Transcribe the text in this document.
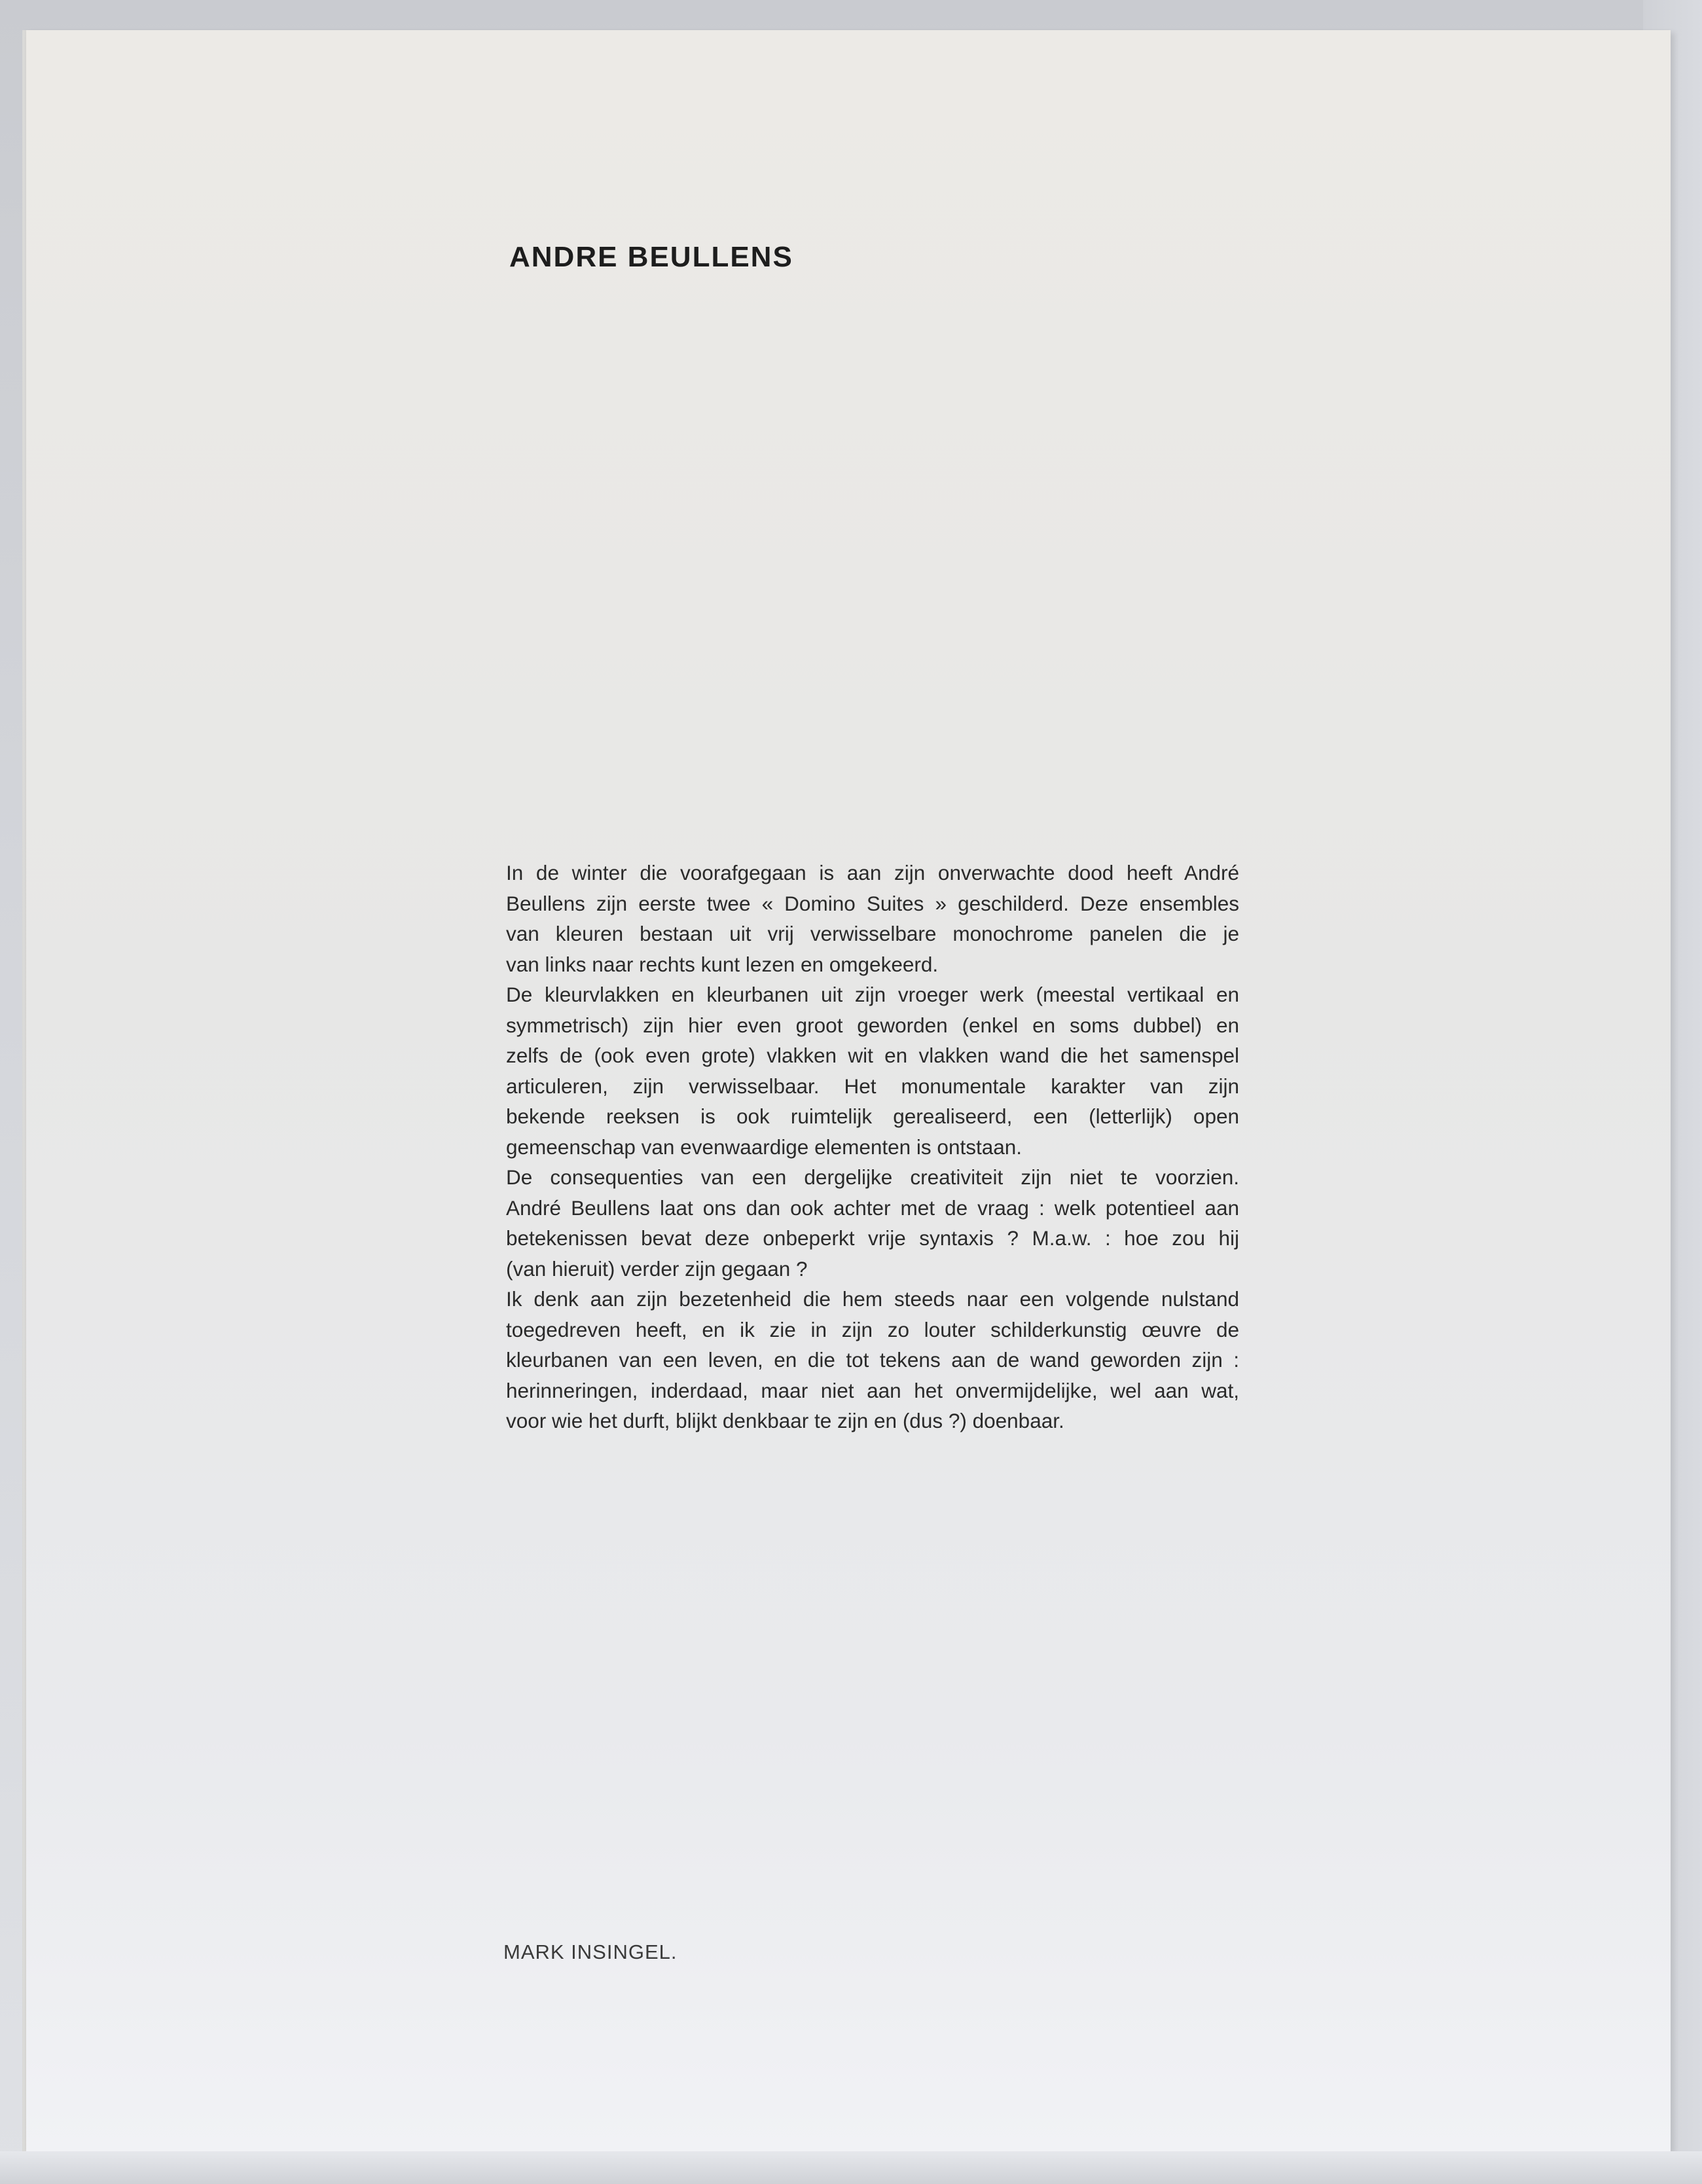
ANDRE BEULLENS
In de winter die voorafgegaan is aan zijn onverwachte dood heeft André
Beullens zijn eerste twee « Domino Suites » geschilderd. Deze ensembles
van kleuren bestaan uit vrij verwisselbare monochrome panelen die je
van links naar rechts kunt lezen en omgekeerd.
De kleurvlakken en kleurbanen uit zijn vroeger werk (meestal vertikaal en
symmetrisch) zijn hier even groot geworden (enkel en soms dubbel) en
zelfs de (ook even grote) vlakken wit en vlakken wand die het samenspel
articuleren, zijn verwisselbaar. Het monumentale karakter van zijn
bekende reeksen is ook ruimtelijk gerealiseerd, een (letterlijk) open
gemeenschap van evenwaardige elementen is ontstaan.
De consequenties van een dergelijke creativiteit zijn niet te voorzien.
André Beullens laat ons dan ook achter met de vraag : welk potentieel aan
betekenissen bevat deze onbeperkt vrije syntaxis ? M.a.w. : hoe zou hij
(van hieruit) verder zijn gegaan ?
Ik denk aan zijn bezetenheid die hem steeds naar een volgende nulstand
toegedreven heeft, en ik zie in zijn zo louter schilderkunstig œuvre de
kleurbanen van een leven, en die tot tekens aan de wand geworden zijn :
herinneringen, inderdaad, maar niet aan het onvermijdelijke, wel aan wat,
voor wie het durft, blijkt denkbaar te zijn en (dus ?) doenbaar.

MARK INSINGEL.
